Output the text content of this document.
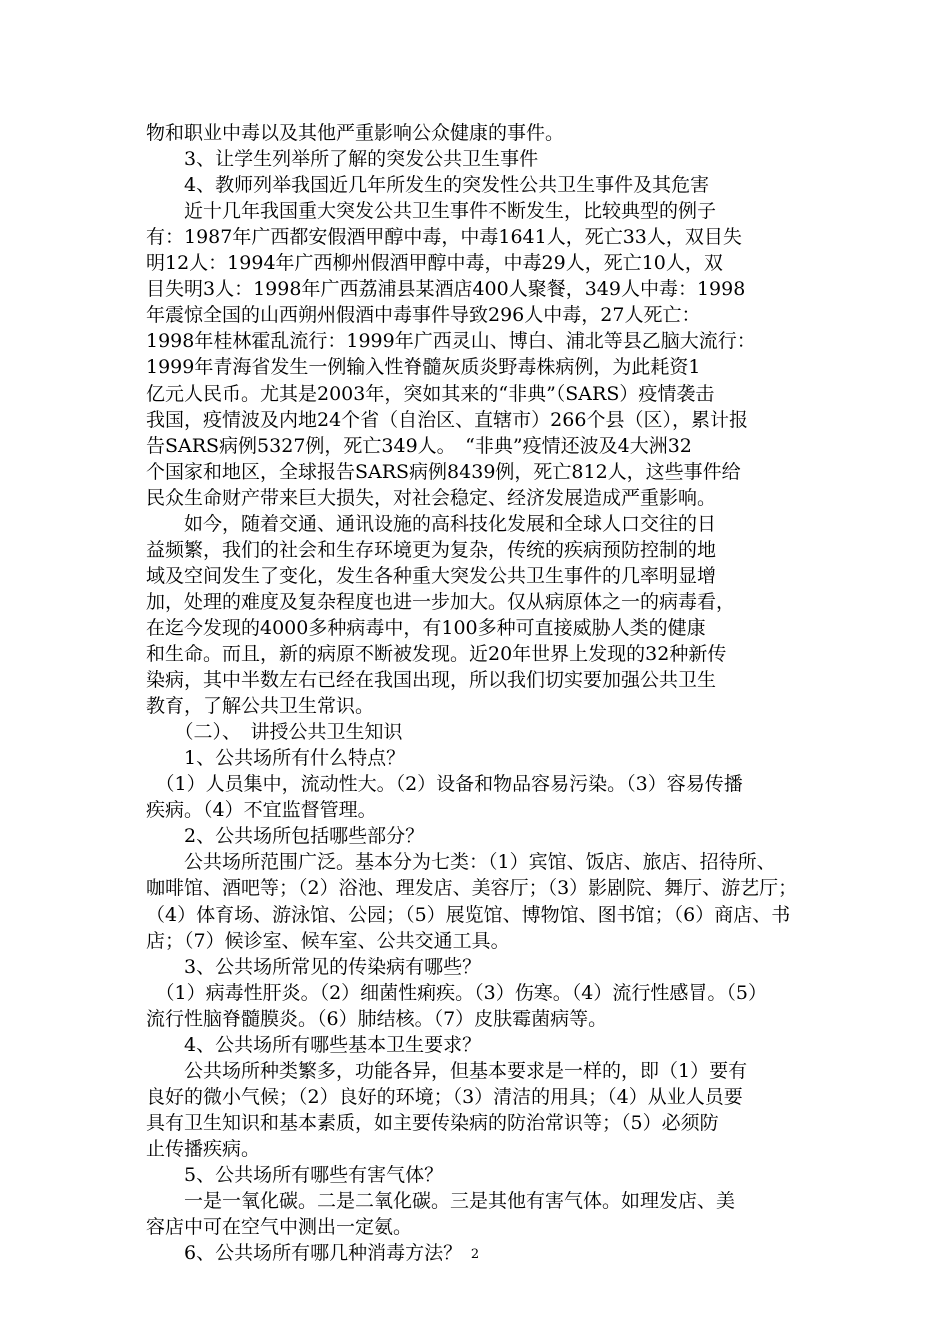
物和职业中毒以及其他严重影响公众健康的事件。
　　3、让学生列举所了解的突发公共卫生事件
　　4、教师列举我国近几年所发生的突发性公共卫生事件及其危害
　　近十几年我国重大突发公共卫生事件不断发生，比较典型的例子
有：1987年广西都安假酒甲醇中毒，中毒1641人，死亡33人，双目失
明12人：1994年广西柳州假酒甲醇中毒，中毒29人，死亡10人，双
目失明3人：1998年广西荔浦县某酒店400人聚餐，349人中毒：1998
年震惊全国的山西朔州假酒中毒事件导致296人中毒，27人死亡：
1998年桂林霍乱流行：1999年广西灵山、博白、浦北等县乙脑大流行：
1999年青海省发生一例输入性脊髓灰质炎野毒株病例，为此耗资1
亿元人民币。尤其是2003年，突如其来的“非典”（SARS）疫情袭击
我国，疫情波及内地24个省（自治区、直辖市）266个县（区），累计报
告SARS病例5327例，死亡349人。　“非典”疫情还波及4大洲32
个国家和地区，全球报告SARS病例8439例，死亡812人，这些事件给
民众生命财产带来巨大损失，对社会稳定、经济发展造成严重影响。
　　如今，随着交通、通讯设施的高科技化发展和全球人口交往的日
益频繁，我们的社会和生存环境更为复杂，传统的疾病预防控制的地
域及空间发生了变化，发生各种重大突发公共卫生事件的几率明显增
加，处理的难度及复杂程度也进一步加大。仅从病原体之一的病毒看，
在迄今发现的4000多种病毒中，有100多种可直接威胁人类的健康
和生命。而且，新的病原不断被发现。近20年世界上发现的32种新传
染病，其中半数左右已经在我国出现，所以我们切实要加强公共卫生
教育，了解公共卫生常识。
　　（二）、　讲授公共卫生知识
　　1、公共场所有什么特点？
　（1）人员集中，流动性大。（2）设备和物品容易污染。（3）容易传播
疾病。（4）不宜监督管理。
　　2、公共场所包括哪些部分？
　　公共场所范围广泛。基本分为七类：（1）宾馆、饭店、旅店、招待所、
咖啡馆、酒吧等；（2）浴池、理发店、美容厅；（3）影剧院、舞厅、游艺厅；
（4）体育场、游泳馆、公园；（5）展览馆、博物馆、图书馆；（6）商店、书
店；（7）候诊室、候车室、公共交通工具。
　　3、公共场所常见的传染病有哪些？
　（1）病毒性肝炎。（2）细菌性痢疾。（3）伤寒。（4）流行性感冒。（5）
流行性脑脊髓膜炎。（6）肺结核。（7）皮肤霉菌病等。
　　4、公共场所有哪些基本卫生要求？
　　公共场所种类繁多，功能各异，但基本要求是一样的，即（1）要有
良好的微小气候；（2）良好的环境；（3）清洁的用具；（4）从业人员要
具有卫生知识和基本素质，如主要传染病的防治常识等；（5）必须防
止传播疾病。
　　5、公共场所有哪些有害气体？
　　一是一氧化碳。二是二氧化碳。三是其他有害气体。如理发店、美
容店中可在空气中测出一定氨。
　　6、公共场所有哪几种消毒方法？ 2
